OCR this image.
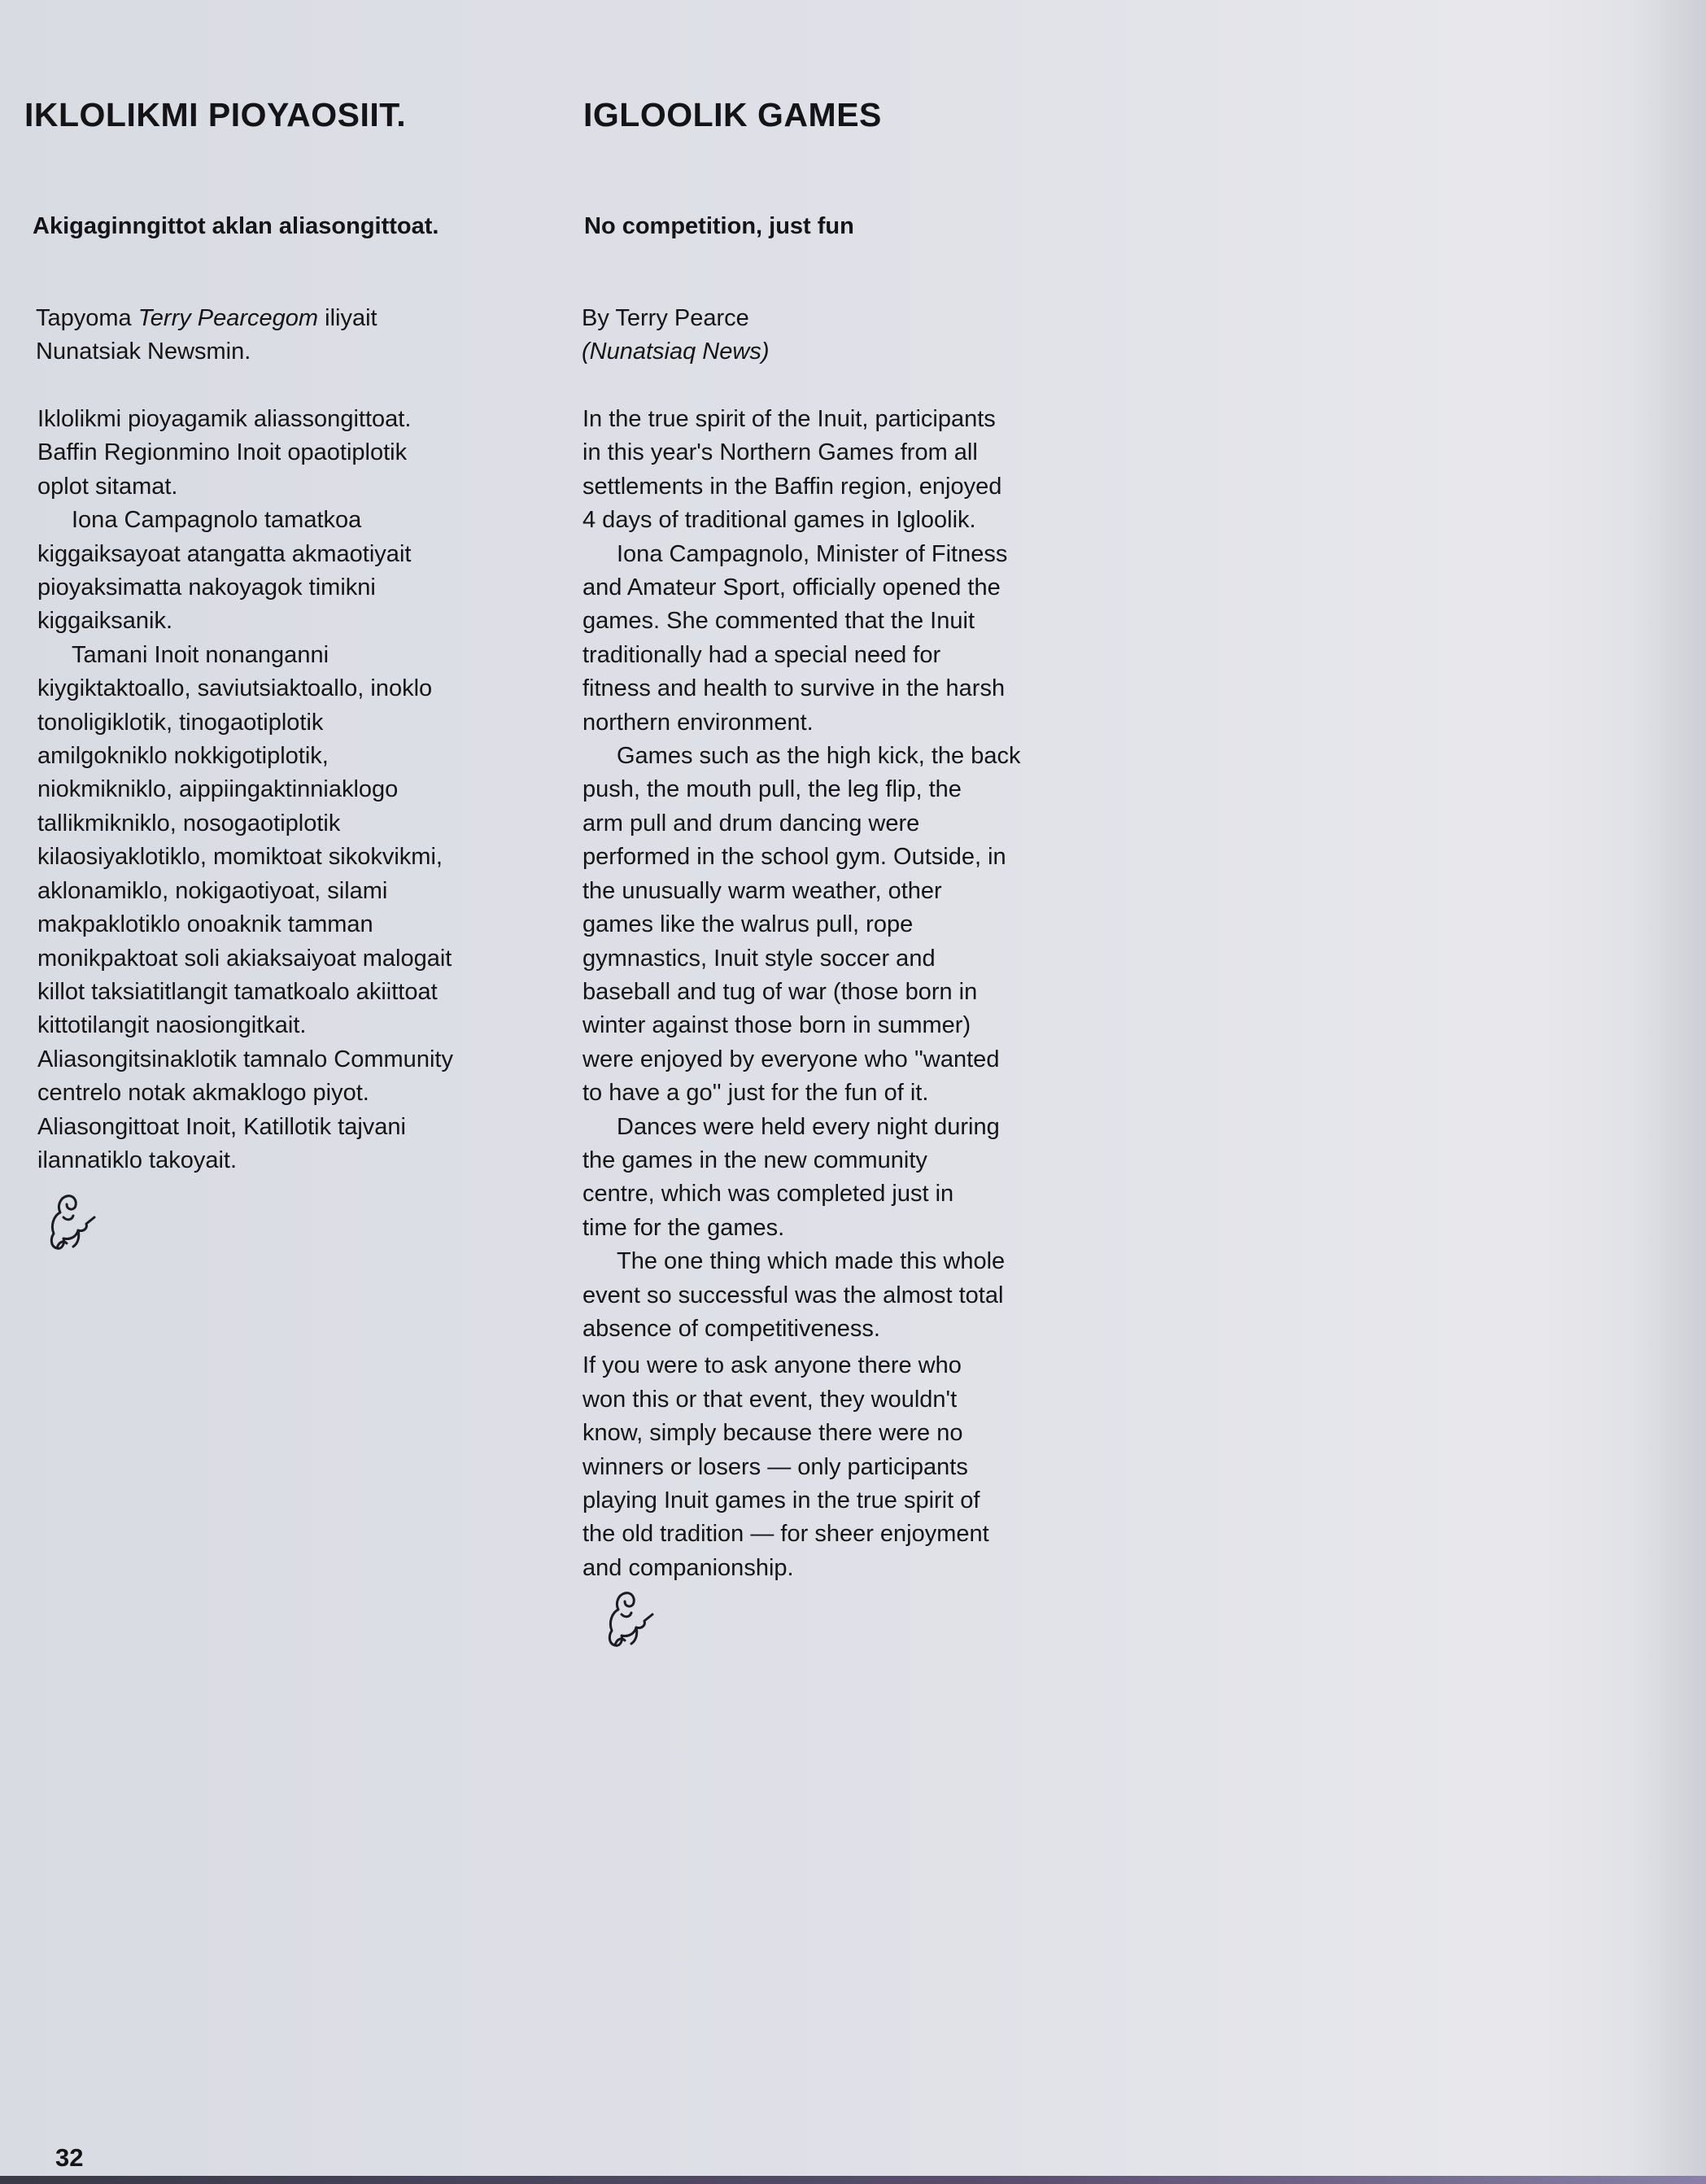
IKLOLIKMI PIOYAOSIIT.
Akigaginngittot aklan aliasongittoat.
Tapyoma Terry Pearcegom iliyait
Nunatsiak Newsmin.
Iklolikmi pioyagamik aliassongittoat.
Baffin Regionmino Inoit opaotiplotik
oplot sitamat.
Iona Campagnolo tamatkoa
kiggaiksayoat atangatta akmaotiyait
pioyaksimatta nakoyagok timikni
kiggaiksanik.
Tamani Inoit nonanganni
kiygiktaktoallo, saviutsiaktoallo, inoklo
tonoligiklotik, tinogaotiplotik
amilgokniklo nokkigotiplotik,
niokmikniklo, aippiingaktinniaklogo
tallikmikniklo, nosogaotiplotik
kilaosiyaklotiklo, momiktoat sikokvikmi,
aklonamiklo, nokigaotiyoat, silami
makpaklotiklo onoaknik tamman
monikpaktoat soli akiaksaiyoat malogait
killot taksiatitlangit tamatkoalo akiittoat
kittotilangit naosiongitkait.
Aliasongitsinaklotik tamnalo Community
centrelo notak akmaklogo piyot.
Aliasongittoat Inoit, Katillotik tajvani
ilannatiklo takoyait.
IGLOOLIK GAMES
No competition, just fun
By Terry Pearce
(Nunatsiaq News)
In the true spirit of the Inuit, participants
in this year's Northern Games from all
settlements in the Baffin region, enjoyed
4 days of traditional games in Igloolik.
Iona Campagnolo, Minister of Fitness
and Amateur Sport, officially opened the
games. She commented that the Inuit
traditionally had a special need for
fitness and health to survive in the harsh
northern environment.
Games such as the high kick, the back
push, the mouth pull, the leg flip, the
arm pull and drum dancing were
performed in the school gym. Outside, in
the unusually warm weather, other
games like the walrus pull, rope
gymnastics, Inuit style soccer and
baseball and tug of war (those born in
winter against those born in summer)
were enjoyed by everyone who ''wanted
to have a go'' just for the fun of it.
Dances were held every night during
the games in the new community
centre, which was completed just in
time for the games.
The one thing which made this whole
event so successful was the almost total
absence of competitiveness.
If you were to ask anyone there who
won this or that event, they wouldn't
know, simply because there were no
winners or losers — only participants
playing Inuit games in the true spirit of
the old tradition — for sheer enjoyment
and companionship.
32
